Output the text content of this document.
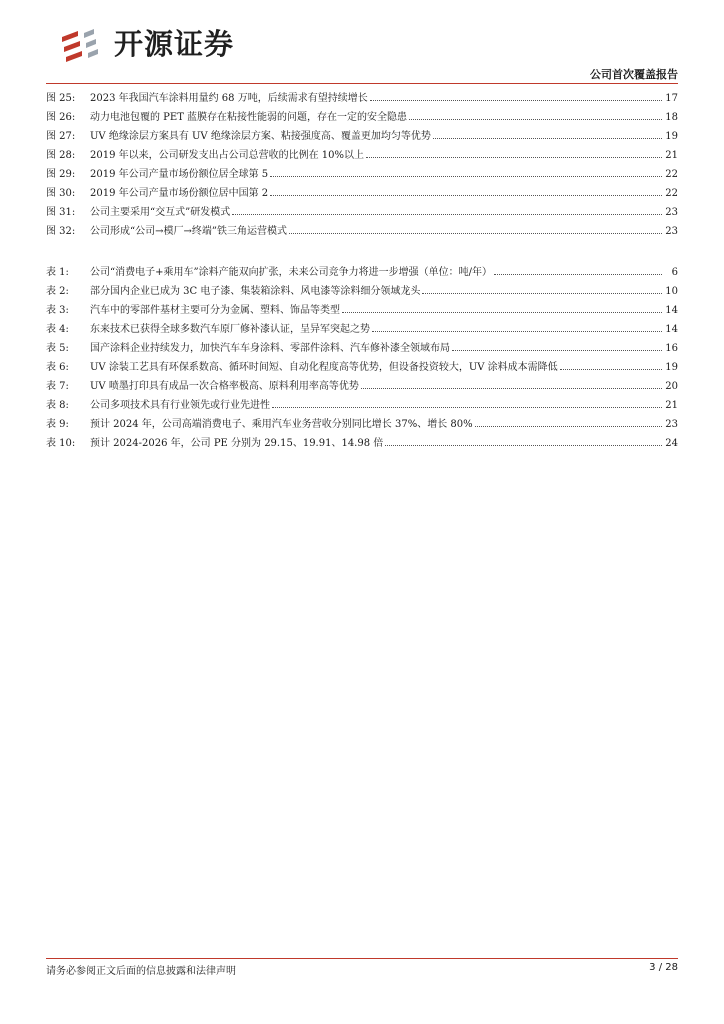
开源证券
公司首次覆盖报告
图 25:	2023 年我国汽车涂料用量约 68 万吨，后续需求有望持续增长	17
图 26:	动力电池包覆的 PET 蓝膜存在粘接性能弱的问题，存在一定的安全隐患	18
图 27:	UV 绝缘涂层方案具有 UV 绝缘涂层方案、粘接强度高、覆盖更加均匀等优势	19
图 28:	2019 年以来，公司研发支出占公司总营收的比例在 10%以上	21
图 29:	2019 年公司产量市场份额位居全球第 5	22
图 30:	2019 年公司产量市场份额位居中国第 2	22
图 31:	公司主要采用“交互式”研发模式	23
图 32:	公司形成“公司→模厂→终端”铁三角运营模式	23
表 1:	公司“消费电子+乘用车”涂料产能双向扩张，未来公司竞争力将进一步增强（单位：吨/年）	6
表 2:	部分国内企业已成为 3C 电子漆、集装箱涂料、风电漆等涂料细分领域龙头	10
表 3:	汽车中的零部件基材主要可分为金属、塑料、饰品等类型	14
表 4:	东来技术已获得全球多数汽车原厂修补漆认证，呈异军突起之势	14
表 5:	国产涂料企业持续发力，加快汽车车身涂料、零部件涂料、汽车修补漆全领域布局	16
表 6:	UV 涂装工艺具有环保系数高、循环时间短、自动化程度高等优势，但设备投资较大，UV 涂料成本需降低	19
表 7:	UV 喷墨打印具有成品一次合格率极高、原料利用率高等优势	20
表 8:	公司多项技术具有行业领先或行业先进性	21
表 9:	预计 2024 年，公司高端消费电子、乘用汽车业务营收分别同比增长 37%、增长 80%	23
表 10:	预计 2024-2026 年，公司 PE 分别为 29.15、19.91、14.98 倍	24
请务必参阅正文后面的信息披露和法律声明	3 / 28
